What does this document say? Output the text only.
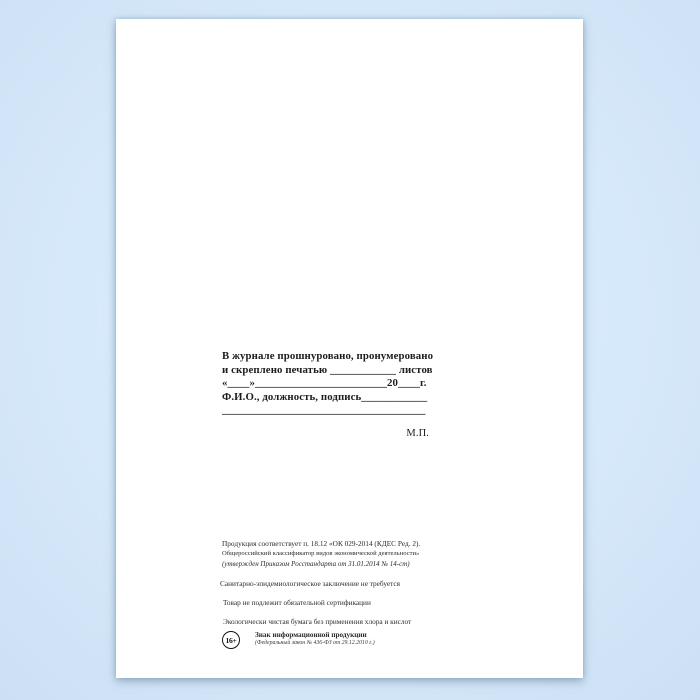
В журнале прошнуровано, пронумеровано
и скреплено печатью ____________ листов
«____»________________________20____г.
Ф.И.О., должность, подпись____________
_____________________________________
М.П.
Продукция соответствует п. 18.12 «ОК 029-2014 (КДЕС Ред. 2).
Общероссийский классификатор видов экономической деятельности»
(утвержден Приказом Росстандарта от 31.01.2014 № 14-ст)
Санитарно-эпидемиологическое заключение не требуется
Товар не подлежит обязательной сертификации
Экологически чистая бумага без применения хлора и кислот
16+
Знак информационной продукции
(Федеральный закон № 436-ФЗ от 29.12.2010 г.)
